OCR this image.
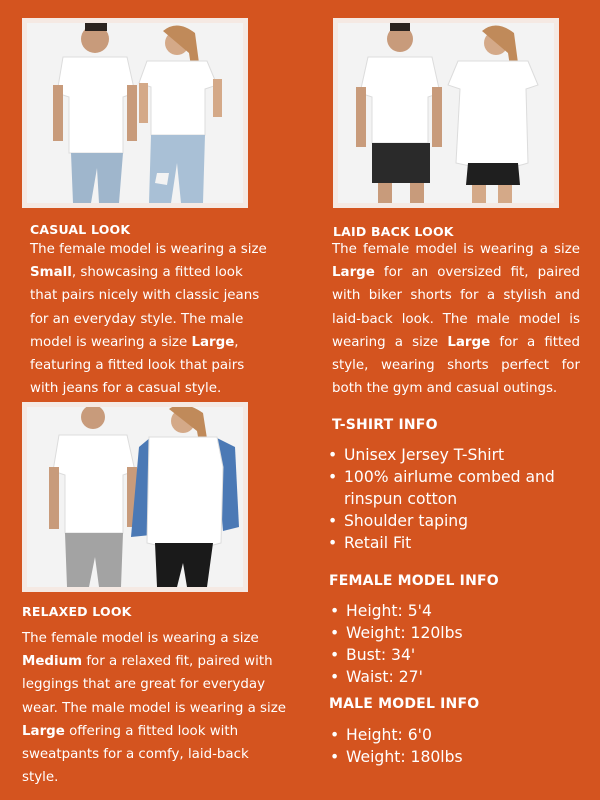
CASUAL LOOK
The female model is wearing a size
Small, showcasing a fitted look
that pairs nicely with classic jeans
for an everyday style. The male
model is wearing a size Large,
featuring a fitted look that pairs
with jeans for a casual style.
LAID BACK LOOK
The female model is wearing a size
Large for an oversized fit, paired
with biker shorts for a stylish and
laid-back look. The male model is
wearing a size Large for a fitted
style, wearing shorts perfect for
both the gym and casual outings.
RELAXED LOOK
The female model is wearing a size
Medium for a relaxed fit, paired with
leggings that are great for everyday
wear. The male model is wearing a size
Large offering a fitted look with
sweatpants for a comfy, laid-back
style.
T-SHIRT INFO
• Unisex Jersey T-Shirt
• 100% airlume combed and rinspun cotton
• Shoulder taping
• Retail Fit
FEMALE MODEL INFO
• Height: 5'4
• Weight: 120lbs
• Bust: 34'
• Waist: 27'
MALE MODEL INFO
• Height: 6'0
• Weight: 180lbs
